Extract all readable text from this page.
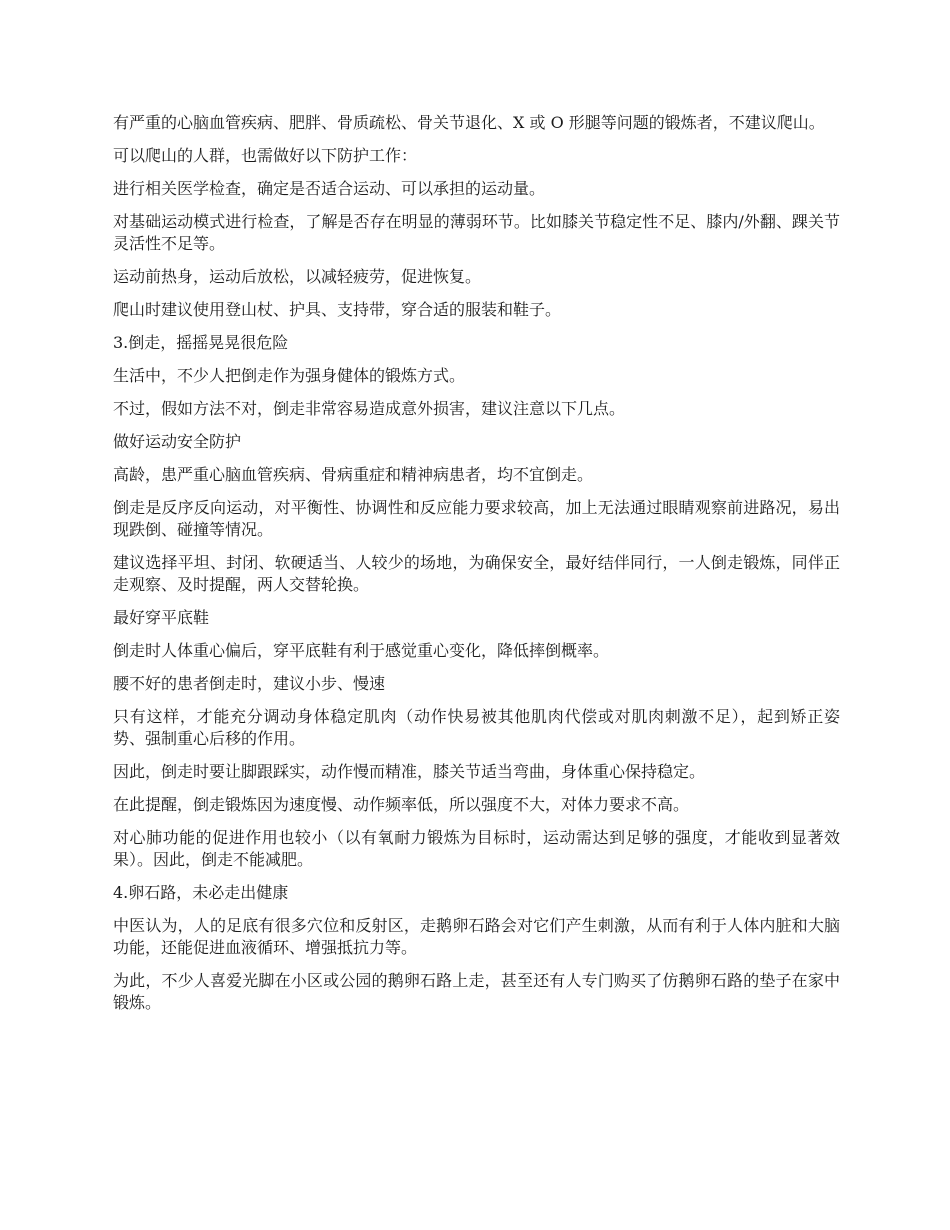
有严重的心脑血管疾病、肥胖、骨质疏松、骨关节退化、X 或 O 形腿等问题的锻炼者，不建议爬山。

可以爬山的人群，也需做好以下防护工作：

进行相关医学检查，确定是否适合运动、可以承担的运动量。

对基础运动模式进行检查，了解是否存在明显的薄弱环节。比如膝关节稳定性不足、膝内/外翻、踝关节灵活性不足等。

运动前热身，运动后放松，以减轻疲劳，促进恢复。

爬山时建议使用登山杖、护具、支持带，穿合适的服装和鞋子。

3.倒走，摇摇晃晃很危险

生活中，不少人把倒走作为强身健体的锻炼方式。

不过，假如方法不对，倒走非常容易造成意外损害，建议注意以下几点。

做好运动安全防护

高龄，患严重心脑血管疾病、骨病重症和精神病患者，均不宜倒走。

倒走是反序反向运动，对平衡性、协调性和反应能力要求较高，加上无法通过眼睛观察前进路况，易出现跌倒、碰撞等情况。

建议选择平坦、封闭、软硬适当、人较少的场地，为确保安全，最好结伴同行，一人倒走锻炼，同伴正走观察、及时提醒，两人交替轮换。

最好穿平底鞋

倒走时人体重心偏后，穿平底鞋有利于感觉重心变化，降低摔倒概率。

腰不好的患者倒走时，建议小步、慢速

只有这样，才能充分调动身体稳定肌肉（动作快易被其他肌肉代偿或对肌肉刺激不足），起到矫正姿势、强制重心后移的作用。

因此，倒走时要让脚跟踩实，动作慢而精准，膝关节适当弯曲，身体重心保持稳定。

在此提醒，倒走锻炼因为速度慢、动作频率低，所以强度不大，对体力要求不高。

对心肺功能的促进作用也较小（以有氧耐力锻炼为目标时，运动需达到足够的强度，才能收到显著效果）。因此，倒走不能减肥。

4.卵石路，未必走出健康

中医认为，人的足底有很多穴位和反射区，走鹅卵石路会对它们产生刺激，从而有利于人体内脏和大脑功能，还能促进血液循环、增强抵抗力等。

为此，不少人喜爱光脚在小区或公园的鹅卵石路上走，甚至还有人专门购买了仿鹅卵石路的垫子在家中锻炼。
